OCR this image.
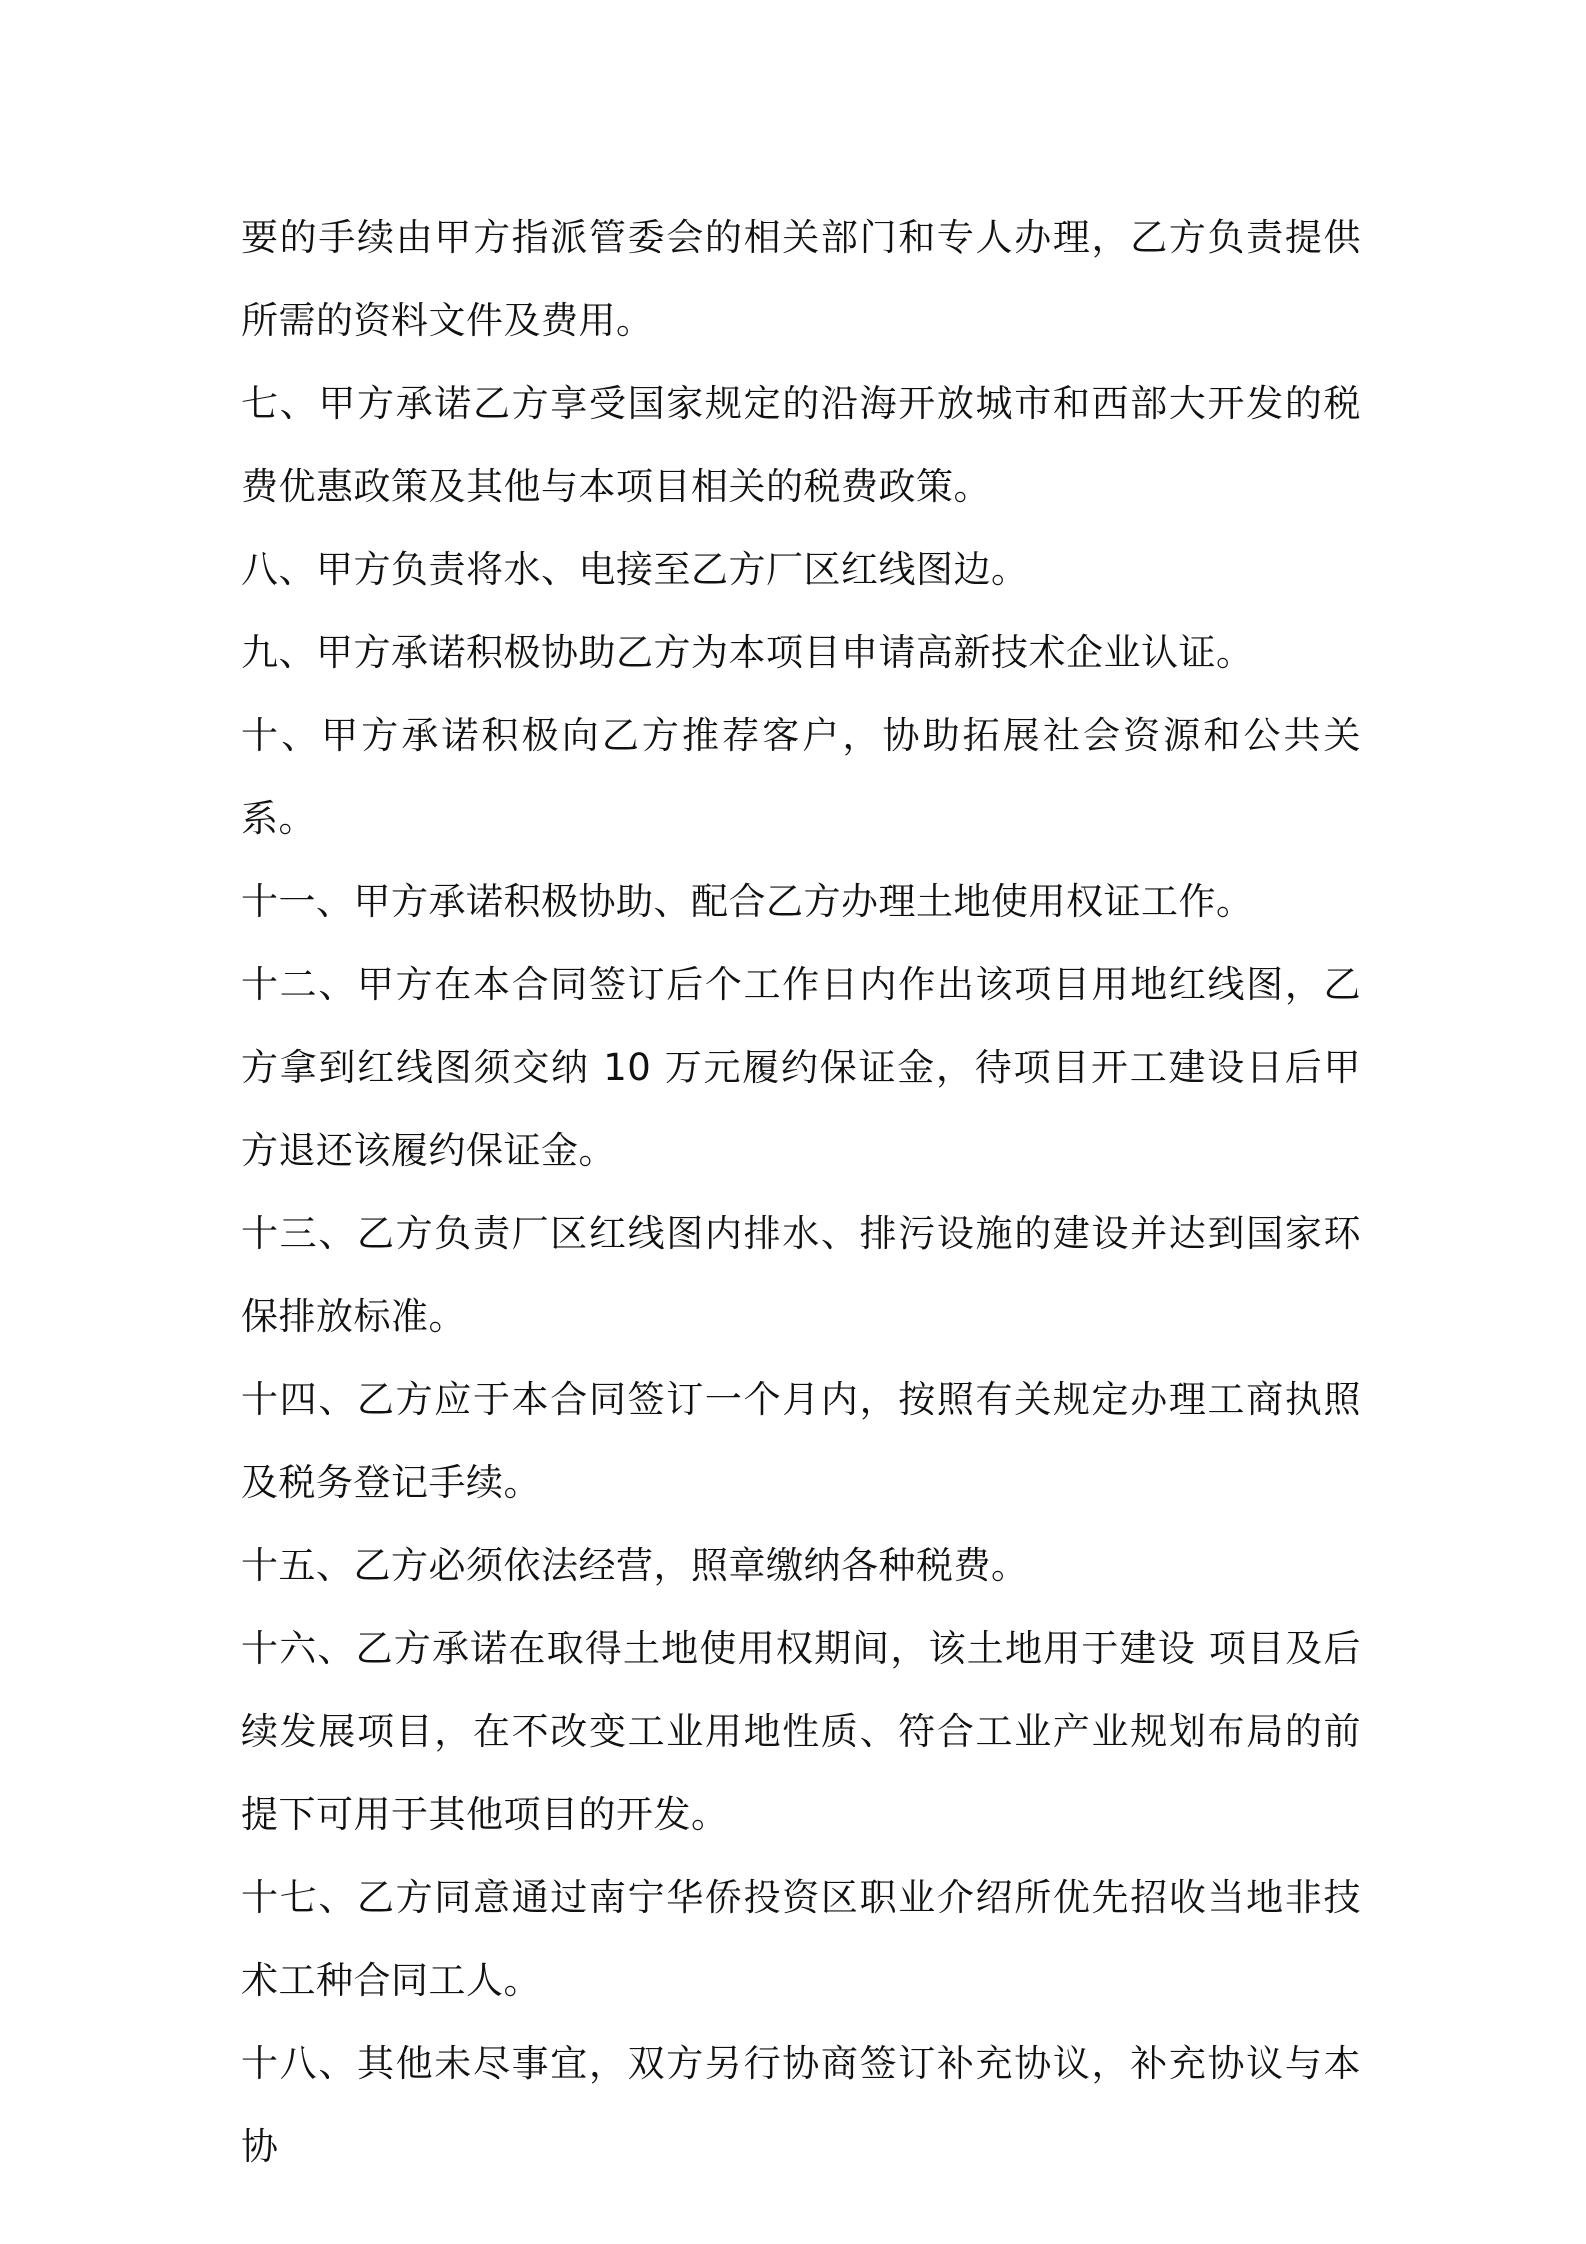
要的手续由甲方指派管委会的相关部门和专人办理，乙方负责提供所需的资料文件及费用。

七、甲方承诺乙方享受国家规定的沿海开放城市和西部大开发的税费优惠政策及其他与本项目相关的税费政策。

八、甲方负责将水、电接至乙方厂区红线图边。

九、甲方承诺积极协助乙方为本项目申请高新技术企业认证。

十、甲方承诺积极向乙方推荐客户，协助拓展社会资源和公共关系。

十一、甲方承诺积极协助、配合乙方办理土地使用权证工作。

十二、甲方在本合同签订后个工作日内作出该项目用地红线图，乙方拿到红线图须交纳 10 万元履约保证金，待项目开工建设日后甲方退还该履约保证金。

十三、乙方负责厂区红线图内排水、排污设施的建设并达到国家环保排放标准。

十四、乙方应于本合同签订一个月内，按照有关规定办理工商执照及税务登记手续。

十五、乙方必须依法经营，照章缴纳各种税费。

十六、乙方承诺在取得土地使用权期间，该土地用于建设 项目及后续发展项目，在不改变工业用地性质、符合工业产业规划布局的前提下可用于其他项目的开发。

十七、乙方同意通过南宁华侨投资区职业介绍所优先招收当地非技术工种合同工人。

十八、其他未尽事宜，双方另行协商签订补充协议，补充协议与本协
